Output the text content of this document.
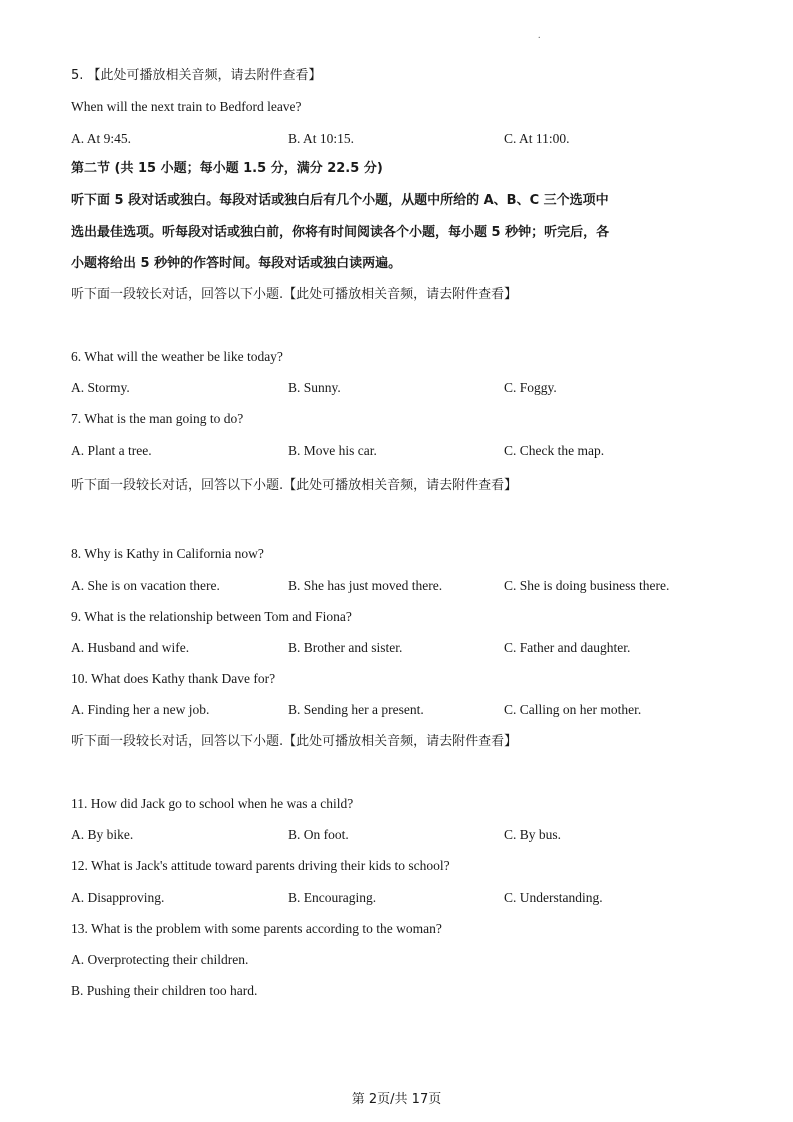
.
5. 【此处可播放相关音频，请去附件查看】
When will the next train to Bedford leave?
A. At 9:45.	B. At 10:15.	C. At 11:00.
第二节 (共 15 小题；每小题 1.5 分，满分 22.5 分)
听下面 5 段对话或独白。每段对话或独白后有几个小题，从题中所给的 A、B、C 三个选项中
选出最佳选项。听每段对话或独白前，你将有时间阅读各个小题，每小题 5 秒钟；听完后，各
小题将给出 5 秒钟的作答时间。每段对话或独白读两遍。
听下面一段较长对话，回答以下小题.【此处可播放相关音频，请去附件查看】
6. What will the weather be like today?
A. Stormy.	B. Sunny.	C. Foggy.
7. What is the man going to do?
A. Plant a tree.	B. Move his car.	C. Check the map.
听下面一段较长对话，回答以下小题.【此处可播放相关音频，请去附件查看】
8. Why is Kathy in California now?
A. She is on vacation there.	B. She has just moved there.	C. She is doing business there.
9. What is the relationship between Tom and Fiona?
A. Husband and wife.	B. Brother and sister.	C. Father and daughter.
10. What does Kathy thank Dave for?
A. Finding her a new job.	B. Sending her a present.	C. Calling on her mother.
听下面一段较长对话，回答以下小题.【此处可播放相关音频，请去附件查看】
11. How did Jack go to school when he was a child?
A. By bike.	B. On foot.	C. By bus.
12. What is Jack's attitude toward parents driving their kids to school?
A. Disapproving.	B. Encouraging.	C. Understanding.
13. What is the problem with some parents according to the woman?
A. Overprotecting their children.
B. Pushing their children too hard.
第 2页/共 17页
